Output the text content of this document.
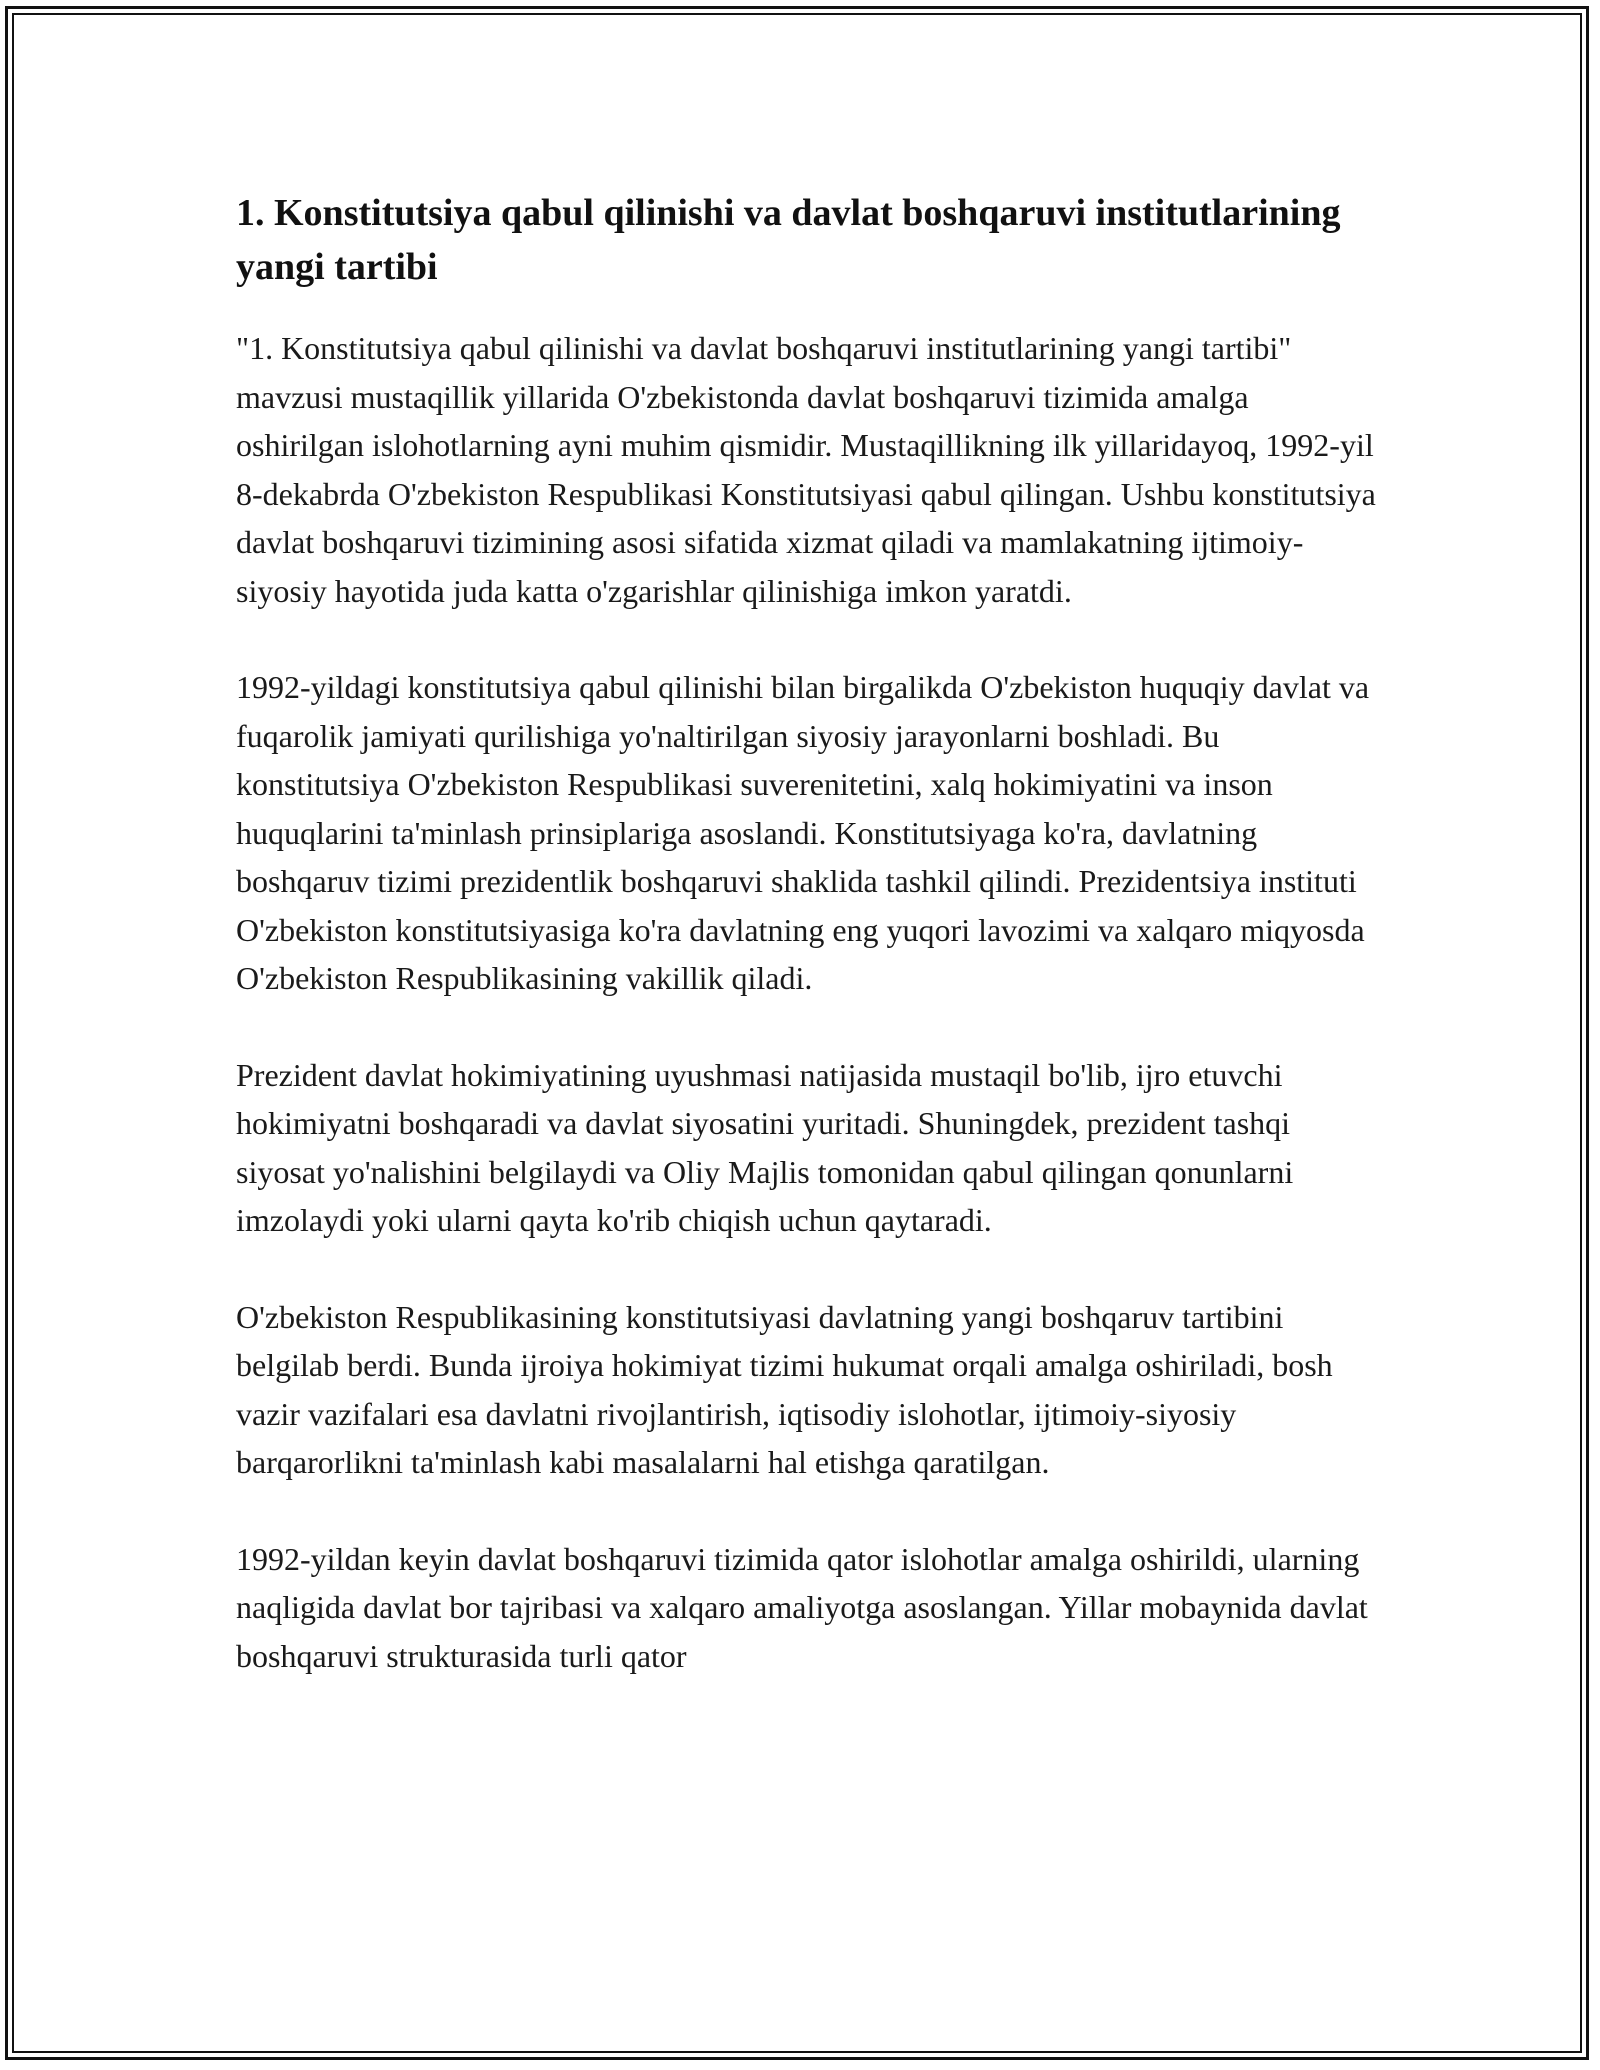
1. Konstitutsiya qabul qilinishi va davlat boshqaruvi institutlarining yangi tartibi

"1. Konstitutsiya qabul qilinishi va davlat boshqaruvi institutlarining yangi tartibi" mavzusi mustaqillik yillarida O'zbekistonda davlat boshqaruvi tizimida amalga oshirilgan islohotlarning ayni muhim qismidir. Mustaqillikning ilk yillaridayoq, 1992-yil 8-dekabrda O'zbekiston Respublikasi Konstitutsiyasi qabul qilingan. Ushbu konstitutsiya davlat boshqaruvi tizimining asosi sifatida xizmat qiladi va mamlakatning ijtimoiy-siyosiy hayotida juda katta o'zgarishlar qilinishiga imkon yaratdi.

1992-yildagi konstitutsiya qabul qilinishi bilan birgalikda O'zbekiston huquqiy davlat va fuqarolik jamiyati qurilishiga yo'naltirilgan siyosiy jarayonlarni boshladi. Bu konstitutsiya O'zbekiston Respublikasi suverenitetini, xalq hokimiyatini va inson huquqlarini ta'minlash prinsiplariga asoslandi. Konstitutsiyaga ko'ra, davlatning boshqaruv tizimi prezidentlik boshqaruvi shaklida tashkil qilindi. Prezidentsiya instituti O'zbekiston konstitutsiyasiga ko'ra davlatning eng yuqori lavozimi va xalqaro miqyosda O'zbekiston Respublikasining vakillik qiladi.

Prezident davlat hokimiyatining uyushmasi natijasida mustaqil bo'lib, ijro etuvchi hokimiyatni boshqaradi va davlat siyosatini yuritadi. Shuningdek, prezident tashqi siyosat yo'nalishini belgilaydi va Oliy Majlis tomonidan qabul qilingan qonunlarni imzolaydi yoki ularni qayta ko'rib chiqish uchun qaytaradi.

O'zbekiston Respublikasining konstitutsiyasi davlatning yangi boshqaruv tartibini belgilab berdi. Bunda ijroiya hokimiyat tizimi hukumat orqali amalga oshiriladi, bosh vazir vazifalari esa davlatni rivojlantirish, iqtisodiy islohotlar, ijtimoiy-siyosiy barqarorlikni ta'minlash kabi masalalarni hal etishga qaratilgan.

1992-yildan keyin davlat boshqaruvi tizimida qator islohotlar amalga oshirildi, ularning naqligida davlat bor tajribasi va xalqaro amaliyotga asoslangan. Yillar mobaynida davlat boshqaruvi strukturasida turli qator
